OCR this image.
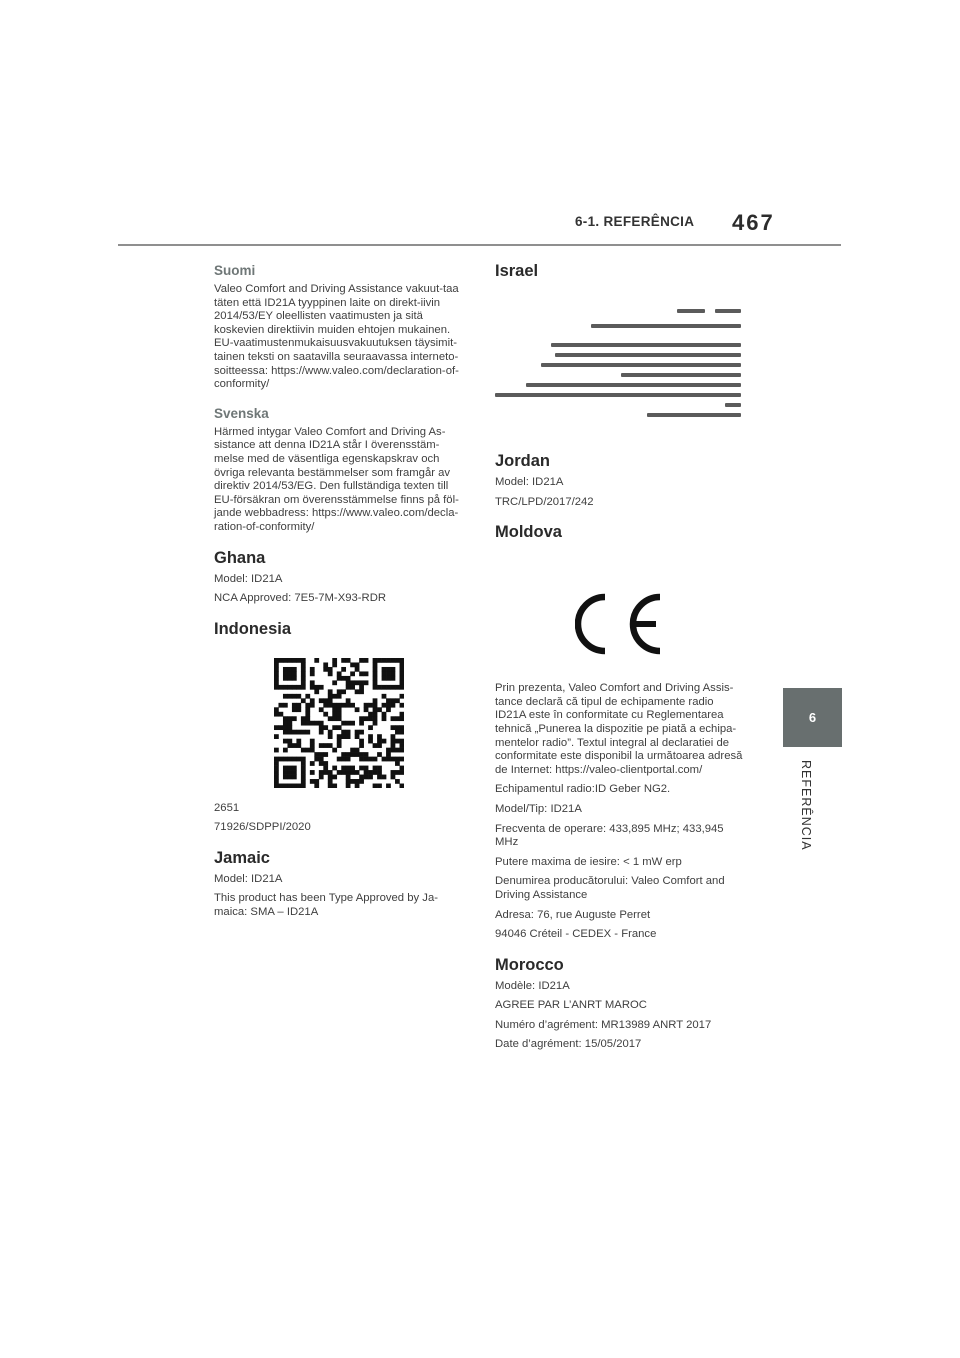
6-1. REFERÊNCIA 467
6
REFERÊNCIA
Suomi

Valeo Comfort and Driving Assistance vakuut-taa täten että ID21A tyyppinen laite on direkt-iivin 2014/53/EY oleellisten vaatimusten ja sitä koskevien direktiivin muiden ehtojen mukainen. EU-vaatimustenmukaisuusvakuutuksen täysimit-tainen teksti on saatavilla seuraavassa interneto-soitteessa: https://www.valeo.com/declaration-of-conformity/

Svenska

Härmed intygar Valeo Comfort and Driving As-sistance att denna ID21A står I överensstäm-melse med de väsentliga egenskapskrav och övriga relevanta bestämmelser som framgår av direktiv 2014/53/EG. Den fullständiga texten till EU-försäkran om överensstämmelse finns på föl-jande webbadress: https://www.valeo.com/decla-ration-of-conformity/

Ghana

Model: ID21A

NCA Approved: 7E5-7M-X93-RDR

Indonesia

2651

71926/SDPPI/2020

Jamaic

Model: ID21A

This product has been Type Approved by Ja-maica: SMA – ID21A

Israel
Jordan

Model: ID21A

TRC/LPD/2017/242

Moldova

Prin prezenta, Valeo Comfort and Driving Assis-tance declară că tipul de echipamente radio ID21A este în conformitate cu Reglementarea tehnică „Punerea la dispozitie pe piată a echipa-mentelor radio”. Textul integral al declaratiei de conformitate este disponibil la următoarea adresă de Internet: https://valeo-clientportal.com/

Echipamentul radio:ID Geber NG2.

Model/Tip: ID21A

Frecventa de operare: 433,895 MHz; 433,945 MHz

Putere maxima de iesire: < 1 mW erp

Denumirea producătorului: Valeo Comfort and Driving Assistance

Adresa: 76, rue Auguste Perret

94046 Créteil - CEDEX - France

Morocco

Modèle: ID21A

AGREE PAR L’ANRT MAROC

Numéro d’agrément: MR13989 ANRT 2017

Date d’agrément: 15/05/2017
